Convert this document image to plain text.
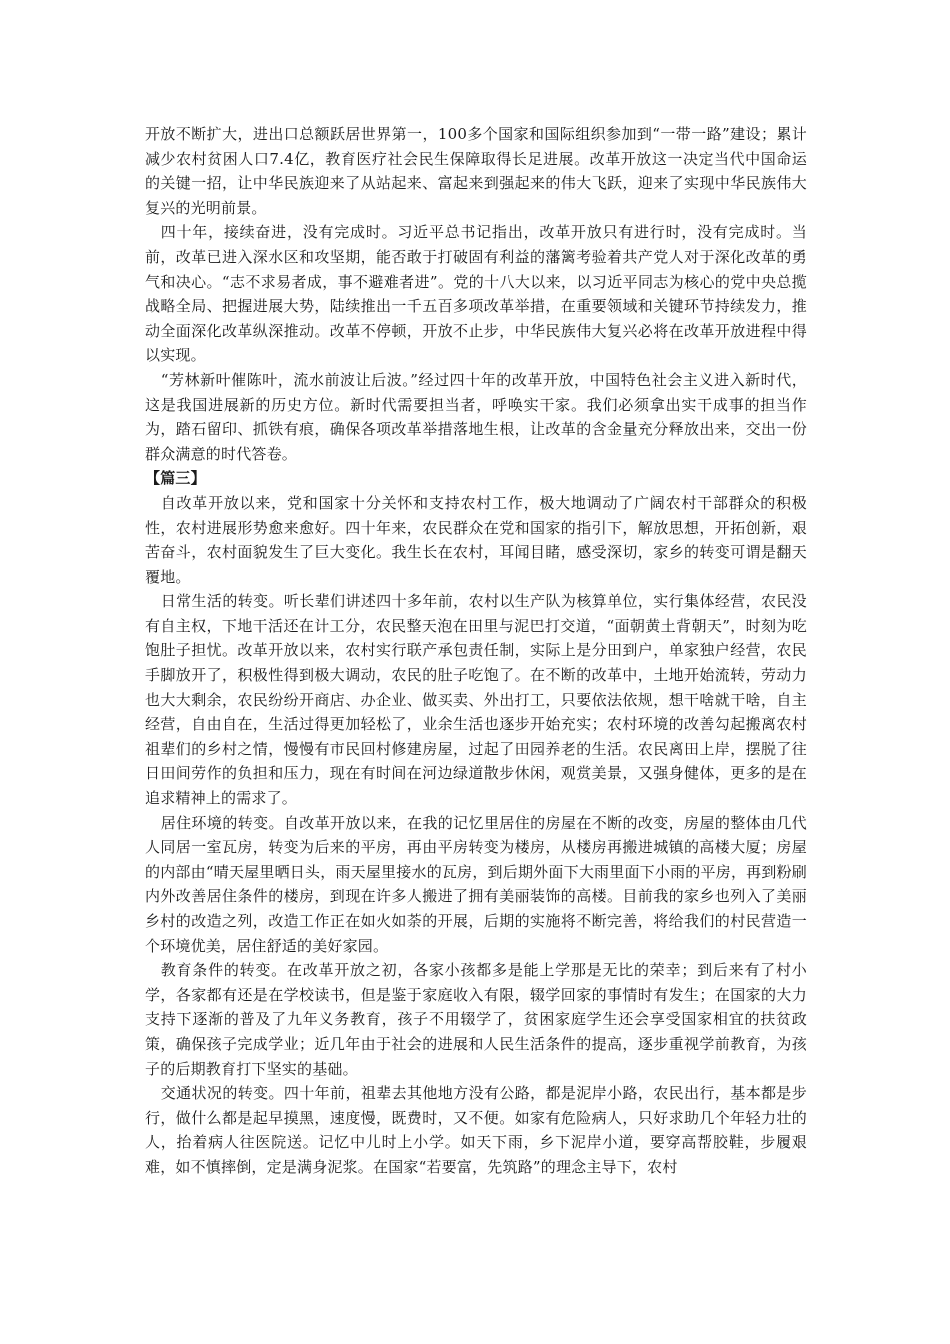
开放不断扩大，进出口总额跃居世界第一，100多个国家和国际组织参加到“一带一路”建设；累计减少农村贫困人口7.4亿，教育医疗社会民生保障取得长足进展。改革开放这一决定当代中国命运的关键一招，让中华民族迎来了从站起来、富起来到强起来的伟大飞跃，迎来了实现中华民族伟大复兴的光明前景。

四十年，接续奋进，没有完成时。习近平总书记指出，改革开放只有进行时，没有完成时。当前，改革已进入深水区和攻坚期，能否敢于打破固有利益的藩篱考验着共产党人对于深化改革的勇气和决心。“志不求易者成，事不避难者进”。党的十八大以来，以习近平同志为核心的党中央总揽战略全局、把握进展大势，陆续推出一千五百多项改革举措，在重要领域和关键环节持续发力，推动全面深化改革纵深推动。改革不停顿，开放不止步，中华民族伟大复兴必将在改革开放进程中得以实现。

“芳林新叶催陈叶，流水前波让后波。”经过四十年的改革开放，中国特色社会主义进入新时代，这是我国进展新的历史方位。新时代需要担当者，呼唤实干家。我们必须拿出实干成事的担当作为，踏石留印、抓铁有痕，确保各项改革举措落地生根，让改革的含金量充分释放出来，交出一份群众满意的时代答卷。

【篇三】

自改革开放以来，党和国家十分关怀和支持农村工作，极大地调动了广阔农村干部群众的积极性，农村进展形势愈来愈好。四十年来，农民群众在党和国家的指引下，解放思想，开拓创新，艰苦奋斗，农村面貌发生了巨大变化。我生长在农村，耳闻目睹，感受深切，家乡的转变可谓是翻天覆地。

日常生活的转变。听长辈们讲述四十多年前，农村以生产队为核算单位，实行集体经营，农民没有自主权，下地干活还在计工分，农民整天泡在田里与泥巴打交道，“面朝黄土背朝天”，时刻为吃饱肚子担忧。改革开放以来，农村实行联产承包责任制，实际上是分田到户，单家独户经营，农民手脚放开了，积极性得到极大调动，农民的肚子吃饱了。在不断的改革中，土地开始流转，劳动力也大大剩余，农民纷纷开商店、办企业、做买卖、外出打工，只要依法依规，想干啥就干啥，自主经营，自由自在，生活过得更加轻松了，业余生活也逐步开始充实；农村环境的改善勾起搬离农村祖辈们的乡村之情，慢慢有市民回村修建房屋，过起了田园养老的生活。农民离田上岸，摆脱了往日田间劳作的负担和压力，现在有时间在河边绿道散步休闲，观赏美景，又强身健体，更多的是在追求精神上的需求了。

居住环境的转变。自改革开放以来，在我的记忆里居住的房屋在不断的改变，房屋的整体由几代人同居一室瓦房，转变为后来的平房，再由平房转变为楼房，从楼房再搬进城镇的高楼大厦；房屋的内部由“晴天屋里晒日头，雨天屋里接水的瓦房，到后期外面下大雨里面下小雨的平房，再到粉刷内外改善居住条件的楼房，到现在许多人搬进了拥有美丽装饰的高楼。目前我的家乡也列入了美丽乡村的改造之列，改造工作正在如火如荼的开展，后期的实施将不断完善，将给我们的村民营造一个环境优美，居住舒适的美好家园。

教育条件的转变。在改革开放之初，各家小孩都多是能上学那是无比的荣幸；到后来有了村小学，各家都有还是在学校读书，但是鉴于家庭收入有限，辍学回家的事情时有发生；在国家的大力支持下逐渐的普及了九年义务教育，孩子不用辍学了，贫困家庭学生还会享受国家相宜的扶贫政策，确保孩子完成学业；近几年由于社会的进展和人民生活条件的提高，逐步重视学前教育，为孩子的后期教育打下坚实的基础。

交通状况的转变。四十年前，祖辈去其他地方没有公路，都是泥岸小路，农民出行，基本都是步行，做什么都是起早摸黑，速度慢，既费时，又不便。如家有危险病人，只好求助几个年轻力壮的人，抬着病人往医院送。记忆中儿时上小学。如天下雨，乡下泥岸小道，要穿高帮胶鞋，步履艰难，如不慎摔倒，定是满身泥浆。在国家“若要富，先筑路”的理念主导下，农村
